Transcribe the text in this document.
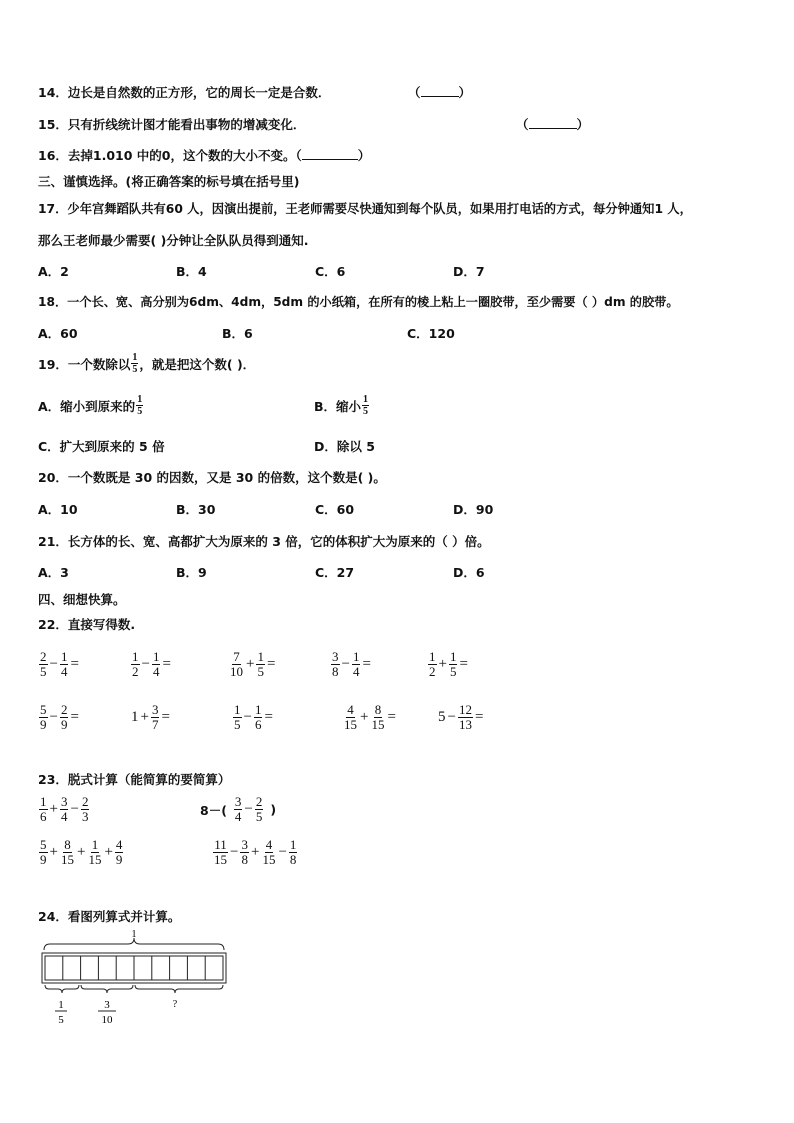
14．边长是自然数的正方形，它的周长一定是合数．	（	）
15．只有折线统计图才能看出事物的增减变化．	（	）
16．去掉1.010 中的0，这个数的大小不变。（	）
三、谨慎选择。(将正确答案的标号填在括号里)
17．少年宫舞蹈队共有60 人，因演出提前，王老师需要尽快通知到每个队员，如果用打电话的方式，每分钟通知1 人，
那么王老师最少需要( )分钟让全队队员得到通知.
A．2	B．4	C．6	D．7
18．一个长、宽、高分别为6dm、4dm，5dm 的小纸箱，在所有的棱上粘上一圈胶带，至少需要（ ）dm 的胶带。
A．60	B．6	C．120
19．一个数除以 $\frac{1}{5}$ ，就是把这个数( )．
A．缩小到原来的 $\frac{1}{5}$	B．缩小 $\frac{1}{5}$
C．扩大到原来的 5 倍	D．除以 5
20．一个数既是 30 的因数，又是 30 的倍数，这个数是( )。
A．10	B．30	C．60	D．90
21．长方体的长、宽、高都扩大为原来的 3 倍，它的体积扩大为原来的（ ）倍。
A．3	B．9	C．27	D．6
四、细想快算。
22．直接写得数.
$\frac{2}{5} - \frac{1}{4}$ =	$\frac{1}{2} - \frac{1}{4}$ =	$\frac{7}{10} + \frac{1}{5}$ =	$\frac{3}{8} - \frac{1}{4}$ =	$\frac{1}{2} + \frac{1}{5}$ =
$\frac{5}{9} - \frac{2}{9}$ =	$1 + \frac{3}{7}$ =	$\frac{1}{5} - \frac{1}{6}$ =	$\frac{4}{15} + \frac{8}{15}$ =	$5 - \frac{12}{13}$ =
23．脱式计算（能简算的要简算）
$\frac{1}{6} + \frac{3}{4} - \frac{2}{3}$	$8-( \frac{3}{4} - \frac{2}{5}$ )
$\frac{5}{9} + \frac{8}{15} + \frac{1}{15} + \frac{4}{9}$	$\frac{11}{15} - \frac{3}{8} + \frac{4}{15} - \frac{1}{8}$
24．看图列算式并计算。
1
1
5
3
10
?
